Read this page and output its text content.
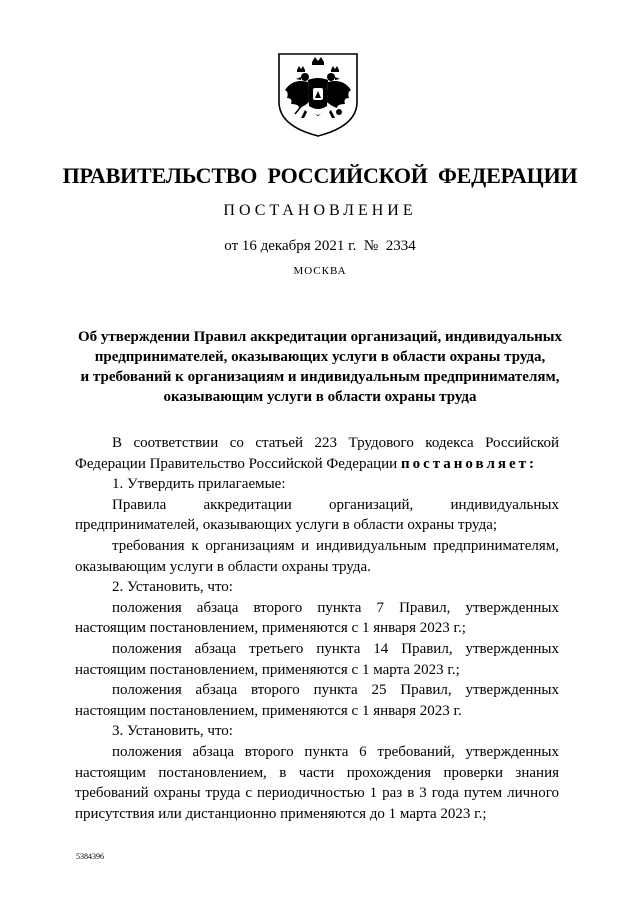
ПРАВИТЕЛЬСТВО РОССИЙСКОЙ ФЕДЕРАЦИИ
ПОСТАНОВЛЕНИЕ
от 16 декабря 2021 г.  №  2334
МОСКВА
Об утверждении Правил аккредитации организаций, индивидуальных
предпринимателей, оказывающих услуги в области охраны труда,
и требований к организациям и индивидуальным предпринимателям,
оказывающим услуги в области охраны труда

В соответствии со статьей 223 Трудового кодекса Российской Федерации Правительство Российской Федерации постановляет:

1. Утвердить прилагаемые:

Правила аккредитации организаций, индивидуальных предпринимателей, оказывающих услуги в области охраны труда;

требования к организациям и индивидуальным предпринимателям, оказывающим услуги в области охраны труда.

2. Установить, что:

положения абзаца второго пункта 7 Правил, утвержденных настоящим постановлением, применяются с 1 января 2023 г.;

положения абзаца третьего пункта 14 Правил, утвержденных настоящим постановлением, применяются с 1 марта 2023 г.;

положения абзаца второго пункта 25 Правил, утвержденных настоящим постановлением, применяются с 1 января 2023 г.

3. Установить, что:

положения абзаца второго пункта 6 требований, утвержденных настоящим постановлением, в части прохождения проверки знания требований охраны труда с периодичностью 1 раз в 3 года путем личного присутствия или дистанционно применяются до 1 марта 2023 г.;

5384396
